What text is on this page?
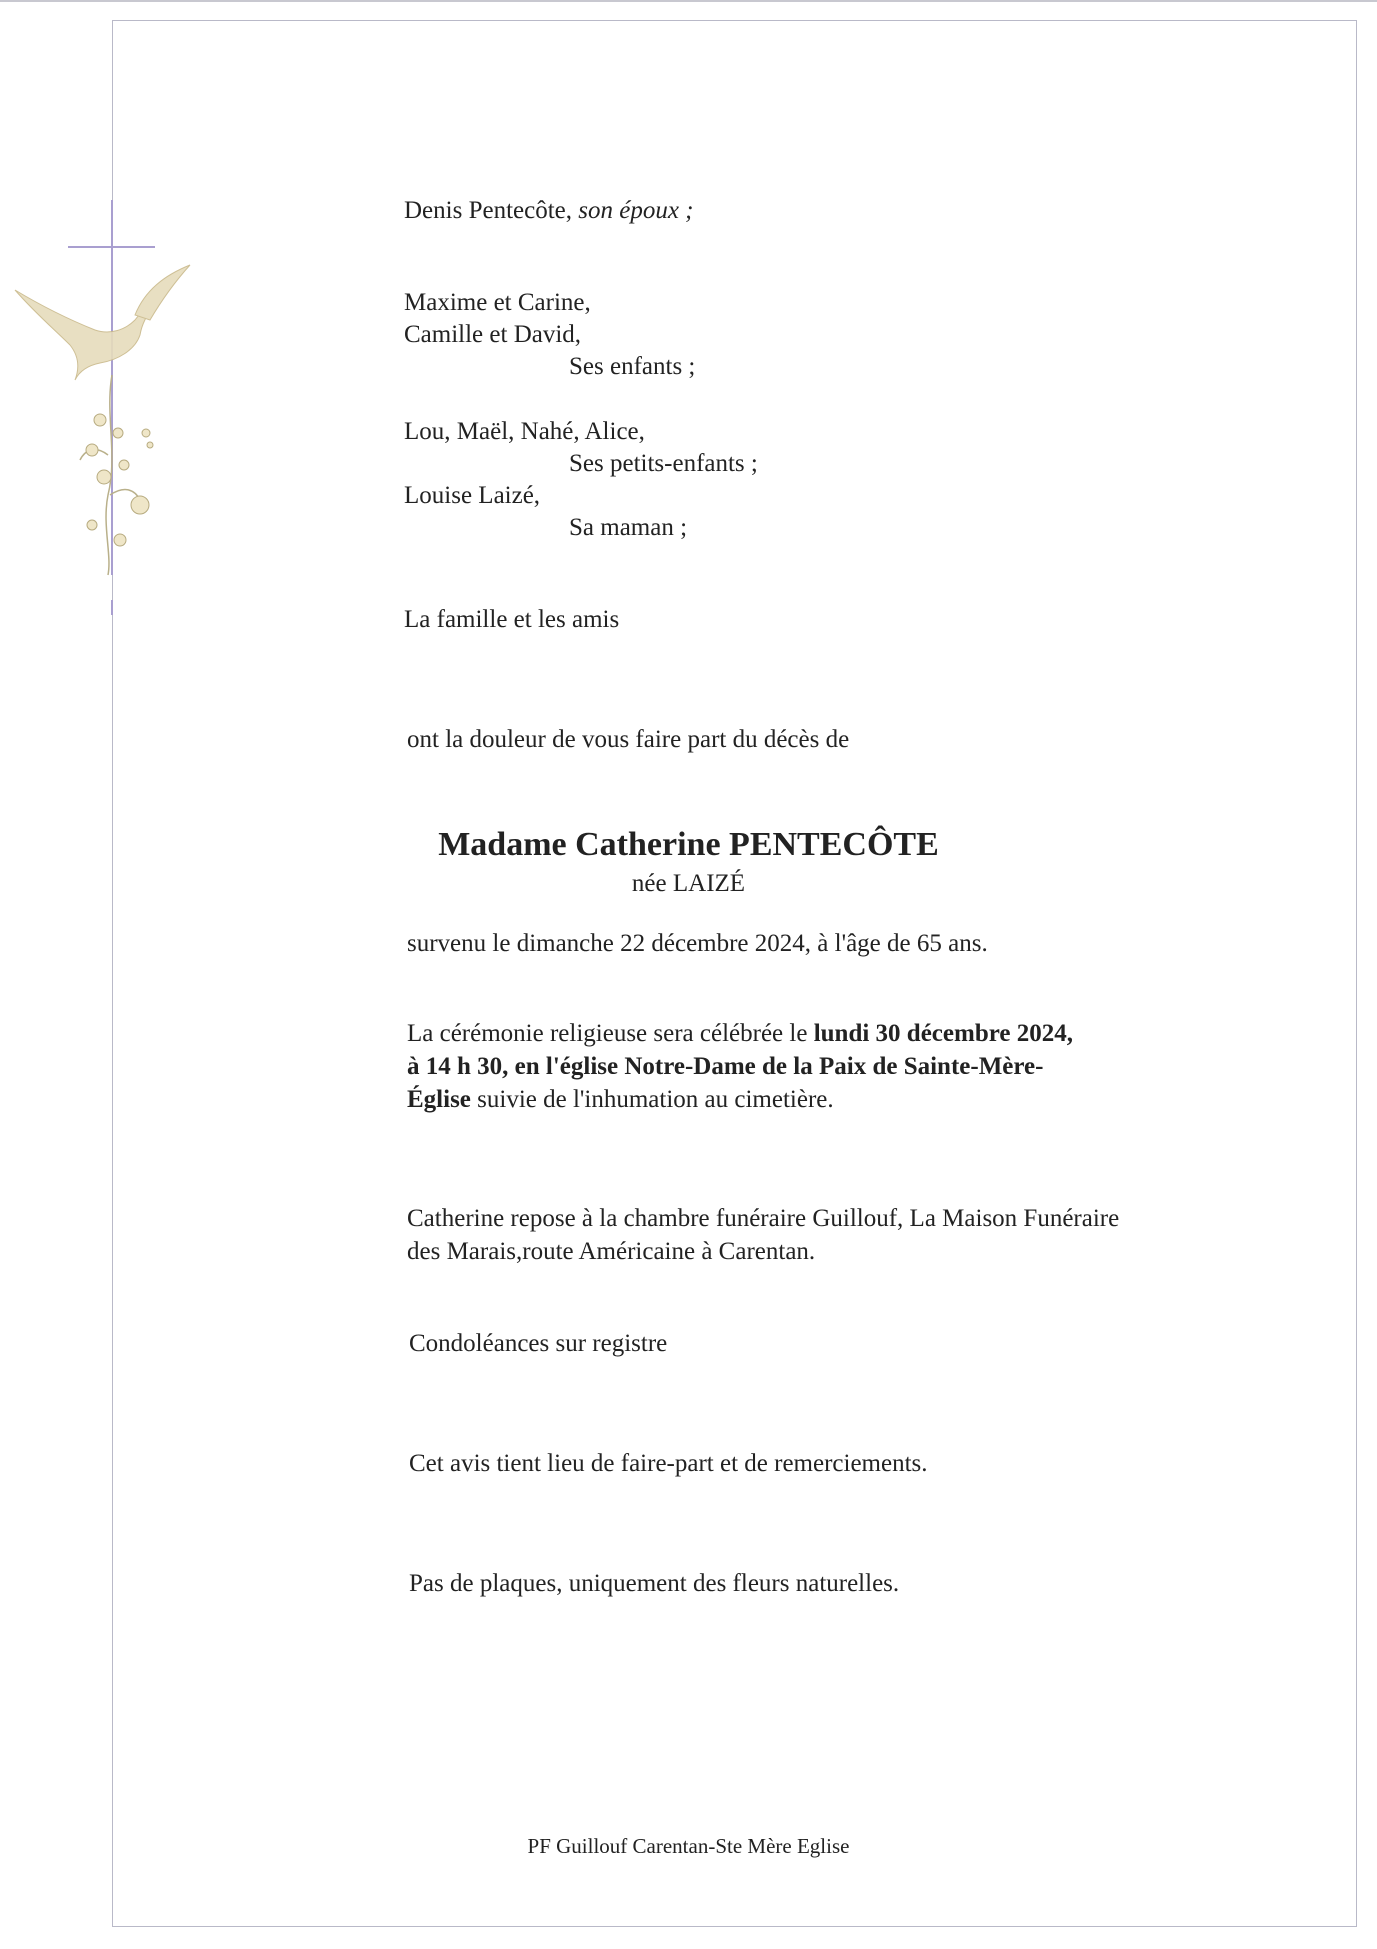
Denis Pentecôte, son époux ;
Maxime et Carine,
Camille et David,
Ses enfants ;
Lou, Maël, Nahé, Alice,
Ses petits-enfants ;
Louise Laizé,
Sa maman ;
La famille et les amis
ont la douleur de vous faire part du décès de
Madame Catherine PENTECÔTE
née LAIZÉ
survenu le dimanche 22 décembre 2024, à l'âge de 65 ans.
La cérémonie religieuse sera célébrée le lundi 30 décembre 2024,
à 14 h 30, en l'église Notre-Dame de la Paix de Sainte-Mère-
Église suivie de l'inhumation au cimetière.
Catherine repose à la chambre funéraire Guillouf, La Maison Funéraire
des Marais,route Américaine à Carentan.
Condoléances sur registre
Cet avis tient lieu de faire-part et de remerciements.
Pas de plaques, uniquement des fleurs naturelles.
PF Guillouf Carentan-Ste Mère Eglise
